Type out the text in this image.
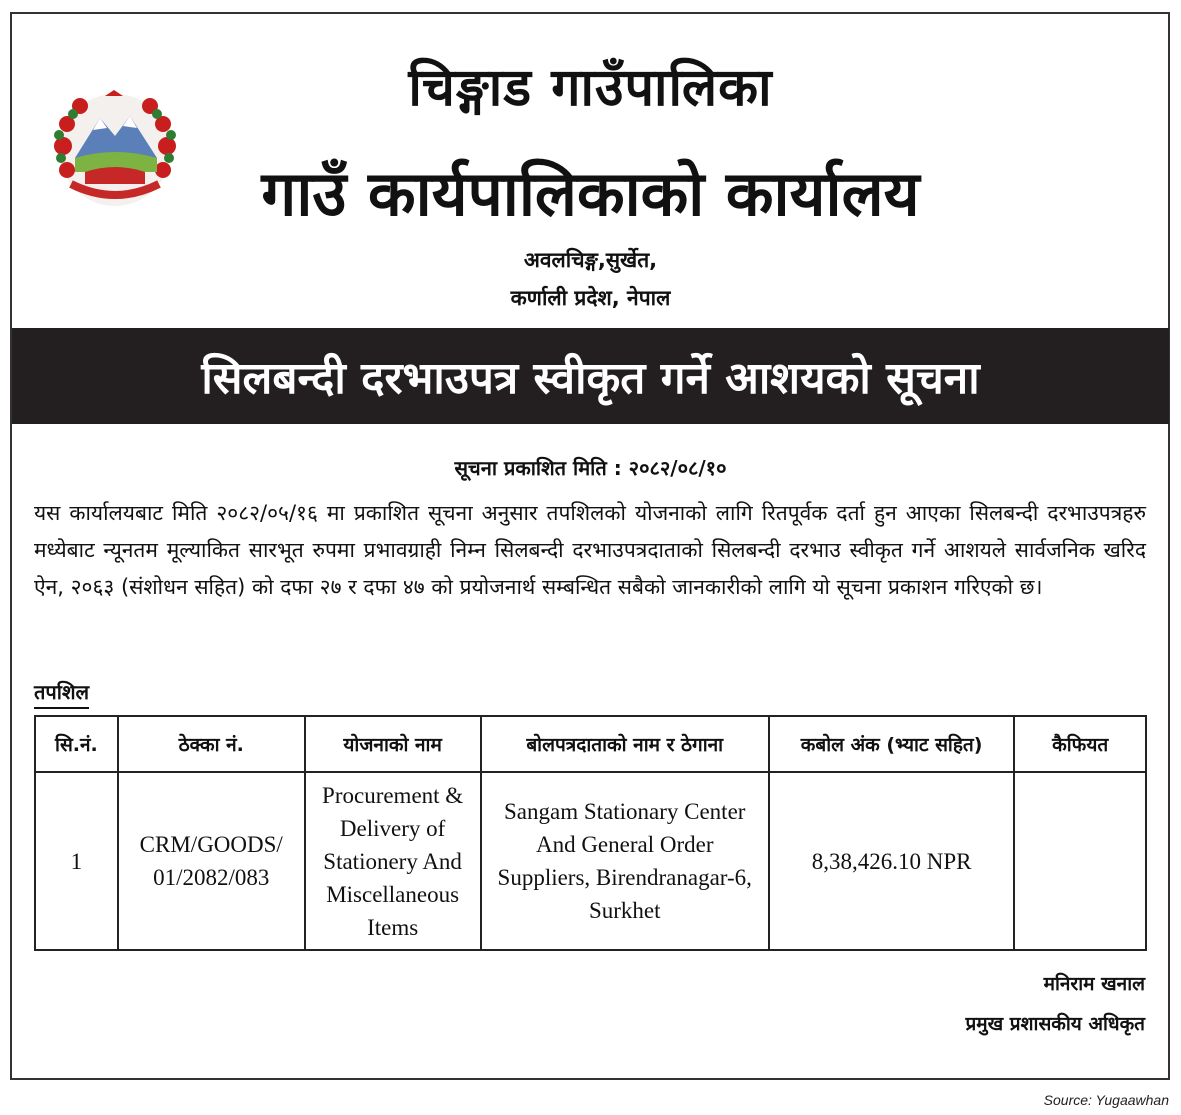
चिङ्गाड गाउँपालिका
गाउँ कार्यपालिकाको कार्यालय
अवलचिङ्ग,सुर्खेत,
कर्णाली प्रदेश, नेपाल
सिलबन्दी दरभाउपत्र स्वीकृत गर्ने आशयको सूचना
सूचना प्रकाशित मिति : २०८२/०८/१०
यस कार्यालयबाट मिति २०८२/०५/१६ मा प्रकाशित सूचना अनुसार तपशिलको योजनाको लागि रितपूर्वक दर्ता हुन आएका सिलबन्दी दरभाउपत्रहरु मध्येबाट न्यूनतम मूल्याकित सारभूत रुपमा प्रभावग्राही निम्न सिलबन्दी दरभाउपत्रदाताको सिलबन्दी दरभाउ स्वीकृत गर्ने आशयले सार्वजनिक खरिद ऐन, २०६३ (संशोधन सहित) को दफा २७ र दफा ४७ को प्रयोजनार्थ सम्बन्धित सबैको जानकारीको लागि यो सूचना प्रकाशन गरिएको छ।
तपशिल
सि.नं.	ठेक्का नं.	योजनाको नाम	बोलपत्रदाताको नाम र ठेगाना	कबोल अंक (भ्याट सहित)	कैफियत
1	CRM/GOODS/ 01/2082/083	Procurement & Delivery of Stationery And Miscellaneous Items	Sangam Stationary Center And General Order Suppliers, Birendranagar-6, Surkhet	8,38,426.10 NPR	
मनिराम खनाल
प्रमुख प्रशासकीय अधिकृत
Source: Yugaawhan
